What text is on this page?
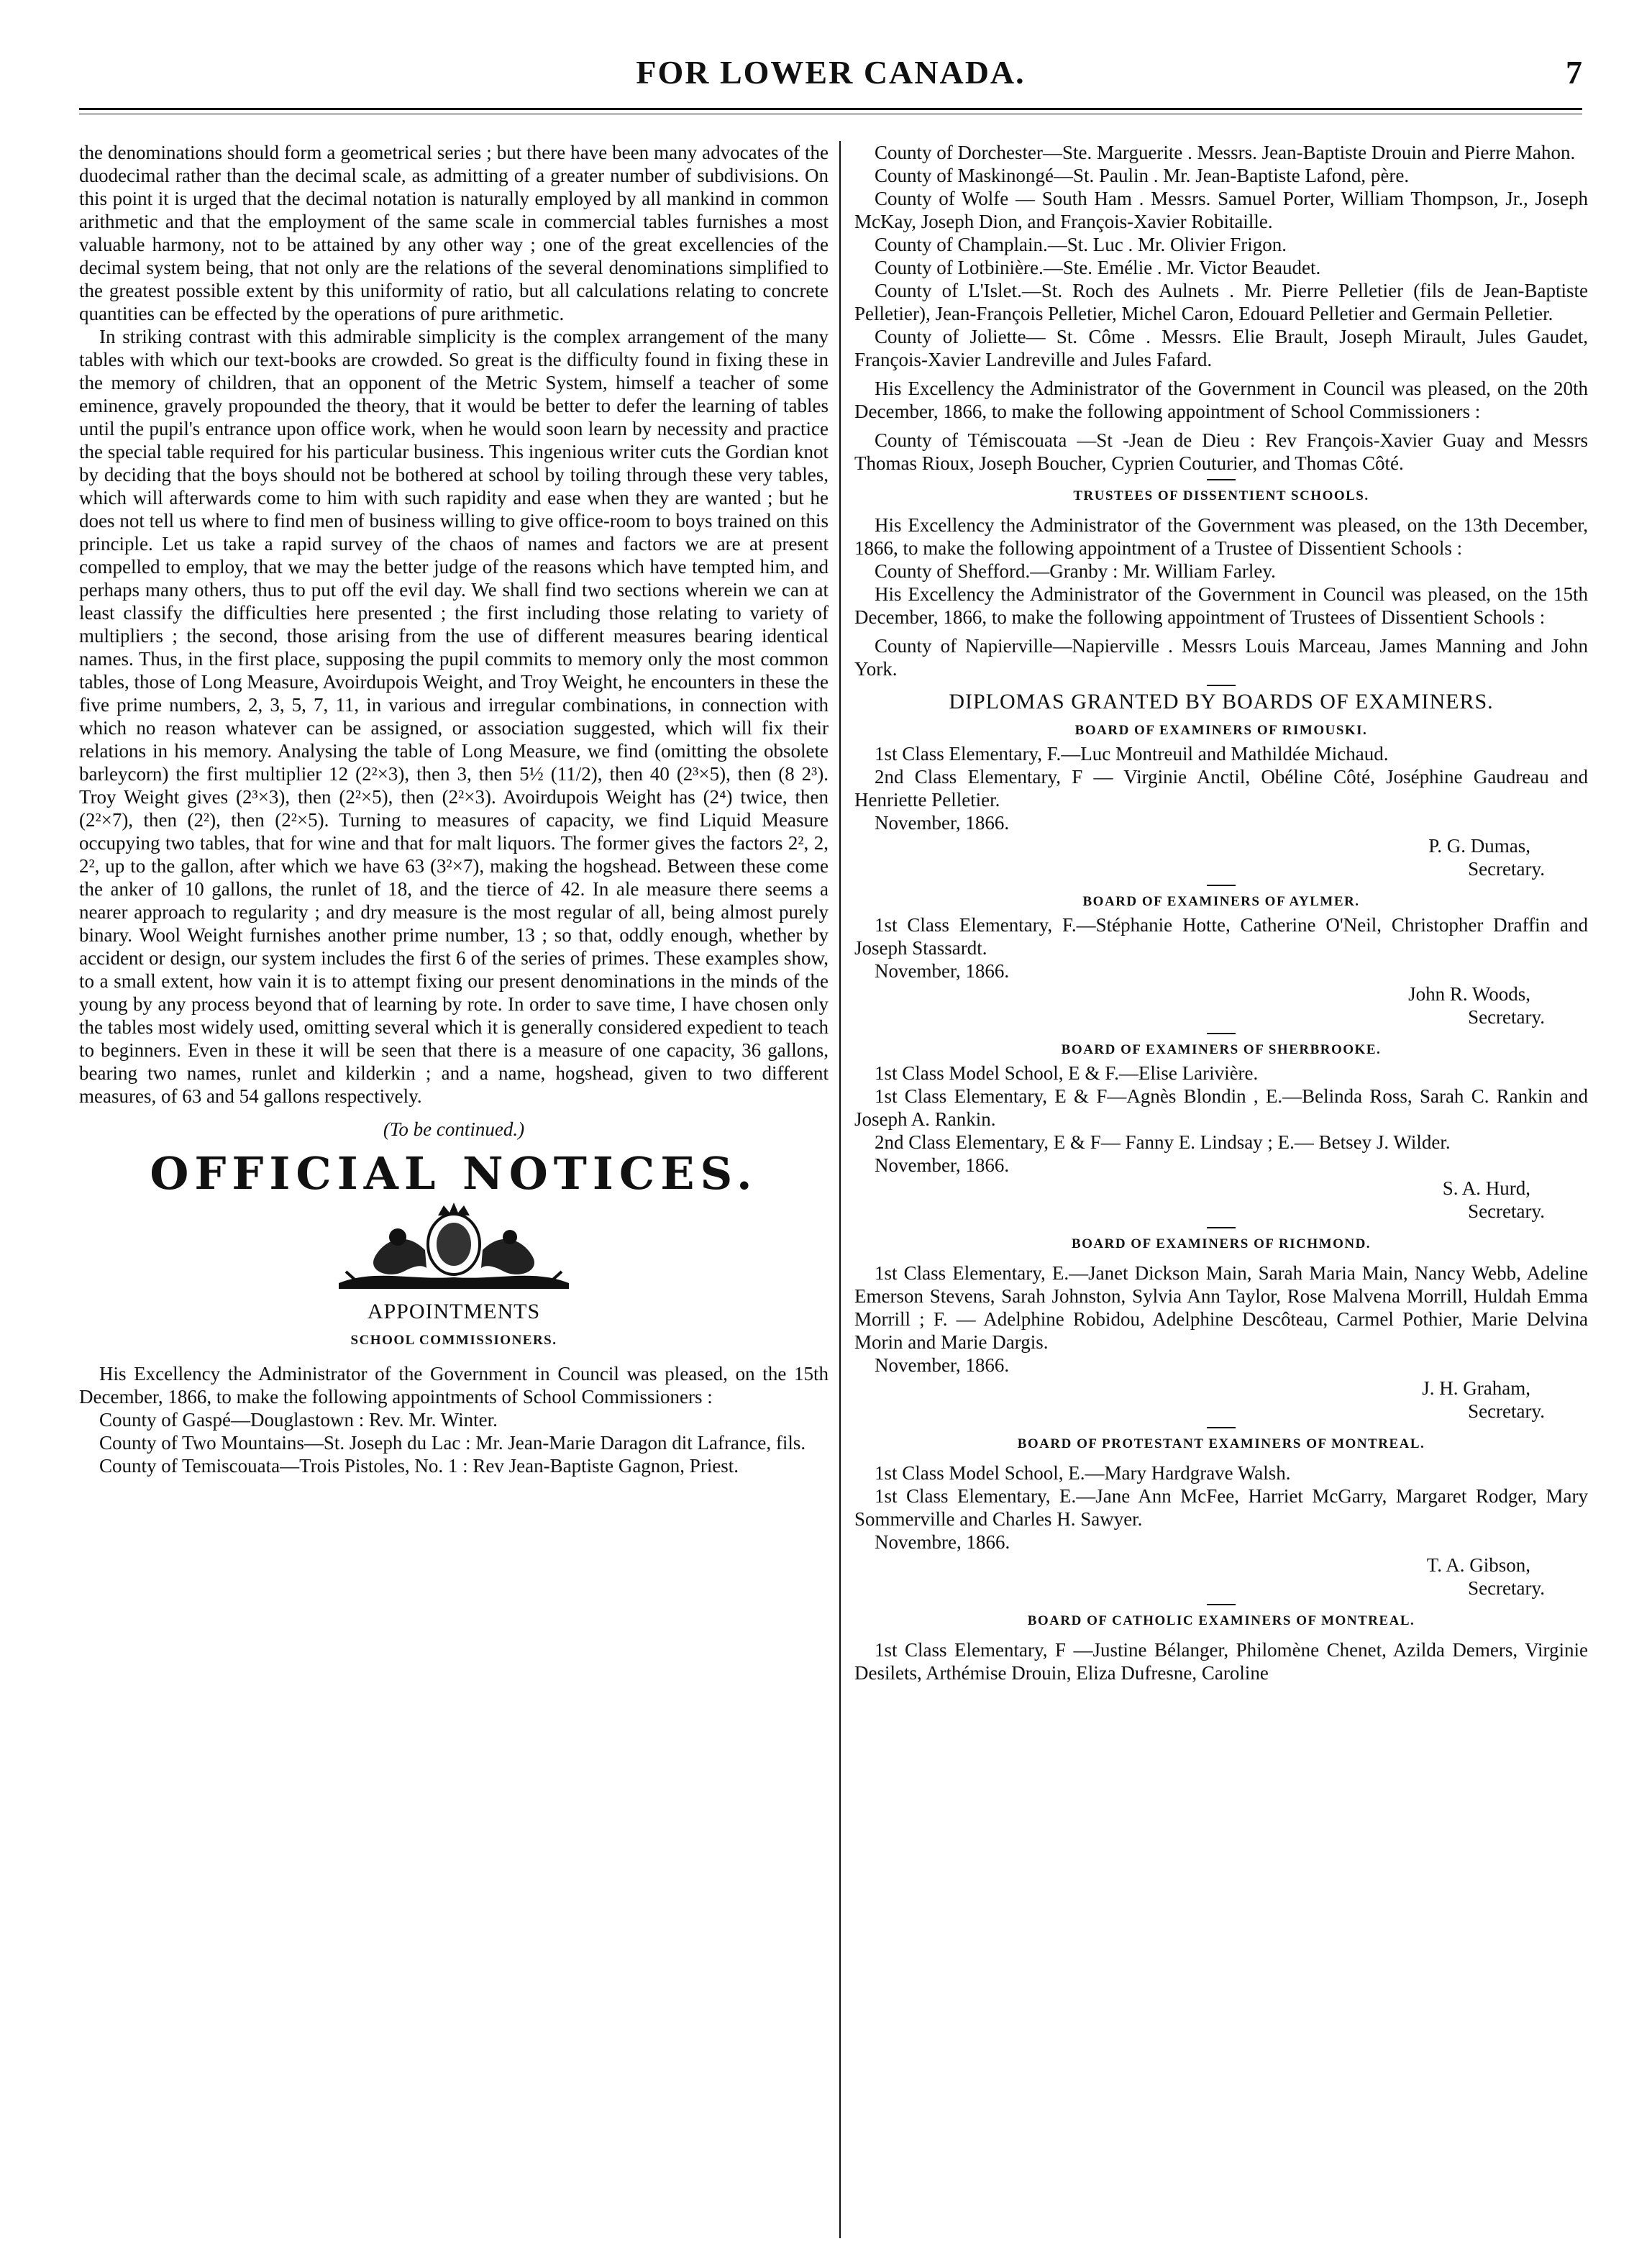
FOR LOWER CANADA.	7

the denominations should form a geometrical series ; but there have been many advocates of the duodecimal rather than the decimal scale, as admitting of a greater number of subdivisions. On this point it is urged that the decimal notation is naturally employed by all mankind in common arithmetic and that the employment of the same scale in commercial tables furnishes a most valuable harmony, not to be attained by any other way ; one of the great excellencies of the decimal system being, that not only are the relations of the several denominations simplified to the greatest possible extent by this uniformity of ratio, but all calculations relating to concrete quantities can be effected by the operations of pure arithmetic.

In striking contrast with this admirable simplicity is the complex arrangement of the many tables with which our text-books are crowded. So great is the difficulty found in fixing these in the memory of children, that an opponent of the Metric System, himself a teacher of some eminence, gravely propounded the theory, that it would be better to defer the learning of tables until the pupil's entrance upon office work, when he would soon learn by necessity and practice the special table required for his particular business. This ingenious writer cuts the Gordian knot by deciding that the boys should not be bothered at school by toiling through these very tables, which will afterwards come to him with such rapidity and ease when they are wanted ; but he does not tell us where to find men of business willing to give office-room to boys trained on this principle. Let us take a rapid survey of the chaos of names and factors we are at present compelled to employ, that we may the better judge of the reasons which have tempted him, and perhaps many others, thus to put off the evil day. We shall find two sections wherein we can at least classify the difficulties here presented ; the first including those relating to variety of multipliers ; the second, those arising from the use of different measures bearing identical names. Thus, in the first place, supposing the pupil commits to memory only the most common tables, those of Long Measure, Avoirdupois Weight, and Troy Weight, he encounters in these the five prime numbers, 2, 3, 5, 7, 11, in various and irregular combinations, in connection with which no reason whatever can be assigned, or association suggested, which will fix their relations in his memory. Analysing the table of Long Measure, we find (omitting the obsolete barleycorn) the first multiplier 12 (2²×3), then 3, then 5½ (11/2), then 40 (2³×5), then (8 2³). Troy Weight gives (2³×3), then (2²×5), then (2²×3). Avoirdupois Weight has (2⁴) twice, then (2²×7), then (2²), then (2²×5). Turning to measures of capacity, we find Liquid Measure occupying two tables, that for wine and that for malt liquors. The former gives the factors 2², 2, 2², up to the gallon, after which we have 63 (3²×7), making the hogshead. Between these come the anker of 10 gallons, the runlet of 18, and the tierce of 42. In ale measure there seems a nearer approach to regularity ; and dry measure is the most regular of all, being almost purely binary. Wool Weight furnishes another prime number, 13 ; so that, oddly enough, whether by accident or design, our system includes the first 6 of the series of primes. These examples show, to a small extent, how vain it is to attempt fixing our present denominations in the minds of the young by any process beyond that of learning by rote. In order to save time, I have chosen only the tables most widely used, omitting several which it is generally considered expedient to teach to beginners. Even in these it will be seen that there is a measure of one capacity, 36 gallons, bearing two names, runlet and kilderkin ; and a name, hogshead, given to two different measures, of 63 and 54 gallons respectively.

(To be continued.)

OFFICIAL NOTICES.

APPOINTMENTS

SCHOOL COMMISSIONERS.

His Excellency the Administrator of the Government in Council was pleased, on the 15th December, 1866, to make the following appointments of School Commissioners :

County of Gaspé—Douglastown : Rev. Mr. Winter.

County of Two Mountains—St. Joseph du Lac : Mr. Jean-Marie Daragon dit Lafrance, fils.

County of Temiscouata—Trois Pistoles, No. 1 : Rev Jean-Baptiste Gagnon, Priest.

County of Dorchester—Ste. Marguerite . Messrs. Jean-Baptiste Drouin and Pierre Mahon.

County of Maskinongé—St. Paulin . Mr. Jean-Baptiste Lafond, père.

County of Wolfe — South Ham . Messrs. Samuel Porter, William Thompson, Jr., Joseph McKay, Joseph Dion, and François-Xavier Robitaille.

County of Champlain.—St. Luc . Mr. Olivier Frigon.

County of Lotbinière.—Ste. Emélie . Mr. Victor Beaudet.

County of L'Islet.—St. Roch des Aulnets . Mr. Pierre Pelletier (fils de Jean-Baptiste Pelletier), Jean-François Pelletier, Michel Caron, Edouard Pelletier and Germain Pelletier.

County of Joliette— St. Côme . Messrs. Elie Brault, Joseph Mirault, Jules Gaudet, François-Xavier Landreville and Jules Fafard.

His Excellency the Administrator of the Government in Council was pleased, on the 20th December, 1866, to make the following appointment of School Commissioners :

County of Témiscouata —St -Jean de Dieu : Rev François-Xavier Guay and Messrs Thomas Rioux, Joseph Boucher, Cyprien Couturier, and Thomas Côté.

TRUSTEES OF DISSENTIENT SCHOOLS.

His Excellency the Administrator of the Government was pleased, on the 13th December, 1866, to make the following appointment of a Trustee of Dissentient Schools :

County of Shefford.—Granby : Mr. William Farley.

His Excellency the Administrator of the Government in Council was pleased, on the 15th December, 1866, to make the following appointment of Trustees of Dissentient Schools :

County of Napierville—Napierville . Messrs Louis Marceau, James Manning and John York.

DIPLOMAS GRANTED BY BOARDS OF EXAMINERS.

BOARD OF EXAMINERS OF RIMOUSKI.

1st Class Elementary, F.—Luc Montreuil and Mathildée Michaud.

2nd Class Elementary, F — Virginie Anctil, Obéline Côté, Joséphine Gaudreau and Henriette Pelletier.

November, 1866.

P. G. Dumas,

Secretary.

BOARD OF EXAMINERS OF AYLMER.

1st Class Elementary, F.—Stéphanie Hotte, Catherine O'Neil, Christopher Draffin and Joseph Stassardt.

November, 1866.

John R. Woods,

Secretary.

BOARD OF EXAMINERS OF SHERBROOKE.

1st Class Model School, E & F.—Elise Larivière.

1st Class Elementary, E & F—Agnès Blondin , E.—Belinda Ross, Sarah C. Rankin and Joseph A. Rankin.

2nd Class Elementary, E & F— Fanny E. Lindsay ; E.— Betsey J. Wilder.

November, 1866.

S. A. Hurd,

Secretary.

BOARD OF EXAMINERS OF RICHMOND.

1st Class Elementary, E.—Janet Dickson Main, Sarah Maria Main, Nancy Webb, Adeline Emerson Stevens, Sarah Johnston, Sylvia Ann Taylor, Rose Malvena Morrill, Huldah Emma Morrill ; F. — Adelphine Robidou, Adelphine Descôteau, Carmel Pothier, Marie Delvina Morin and Marie Dargis.

November, 1866.

J. H. Graham,

Secretary.

BOARD OF PROTESTANT EXAMINERS OF MONTREAL.

1st Class Model School, E.—Mary Hardgrave Walsh.

1st Class Elementary, E.—Jane Ann McFee, Harriet McGarry, Margaret Rodger, Mary Sommerville and Charles H. Sawyer.

Novembre, 1866.

T. A. Gibson,

Secretary.

BOARD OF CATHOLIC EXAMINERS OF MONTREAL.

1st Class Elementary, F —Justine Bélanger, Philomène Chenet, Azilda Demers, Virginie Desilets, Arthémise Drouin, Eliza Dufresne, Caroline
